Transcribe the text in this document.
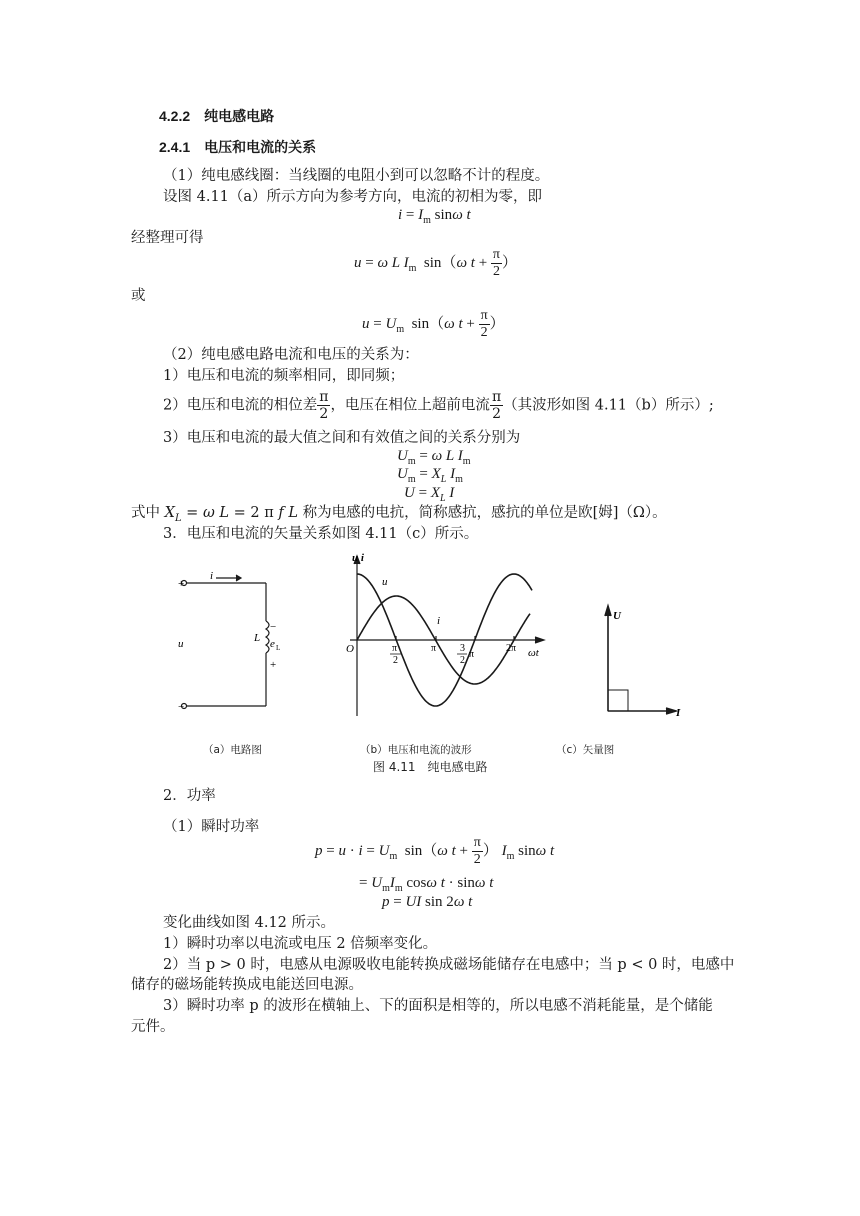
4.2.2　纯电感电路
2.4.1　电压和电流的关系
（1）纯电感线圈：当线圈的电阻小到可以忽略不计的程度。
设图 4.11（a）所示方向为参考方向，电流的初相为零，即
$i = I_m$ sinω t
经整理可得
u = ω L $I_m$  sin（ω $t + \frac{\pi}{2}$ ）
或
$u = U_m$  sin（ω $t + \frac{\pi}{2}$ ）
（2）纯电感电路电流和电压的关系为：
1）电压和电流的频率相同，即同频；
2）电压和电流的相位差 $\frac{\pi}{2}$ ，电压在相位上超前电流 $\frac{\pi}{2}$ （其波形如图 4.11（b）所示）;
3）电压和电流的最大值之间和有效值之间的关系分别为
$U_m = \omega$ L $I_m$
$U_m = X_L$ $I_m$
$U = X_L$ I
式中 $X_L = \omega$ L = 2 π f L 称为电感的电抗，简称感抗，感抗的单位是欧[姆]（Ω）。
3．电压和电流的矢量关系如图 4.11（c）所示。
+
−
i
u	L e L
−
+
u i
u
i
O	π
2
π 3
2
π
2π ωt
U
I
（a）电路图	（b）电压和电流的波形	（c）矢量图
图 4.11　纯电感电路
2．功率
（1）瞬时功率
$p = u \cdot i = U_m$  sin（ω $t + \frac{\pi}{2}$ ） $I_m$ sinω t
= $U_mI_m$ cosω t · sinω t
p = UI sin 2ω t
变化曲线如图 4.12 所示。
1）瞬时功率以电流或电压 2 倍频率变化。
2）当 p > 0 时，电感从电源吸收电能转换成磁场能储存在电感中；当 p < 0 时，电感中
储存的磁场能转换成电能送回电源。
3）瞬时功率 p 的波形在横轴上、下的面积是相等的，所以电感不消耗能量，是个储能
元件。
